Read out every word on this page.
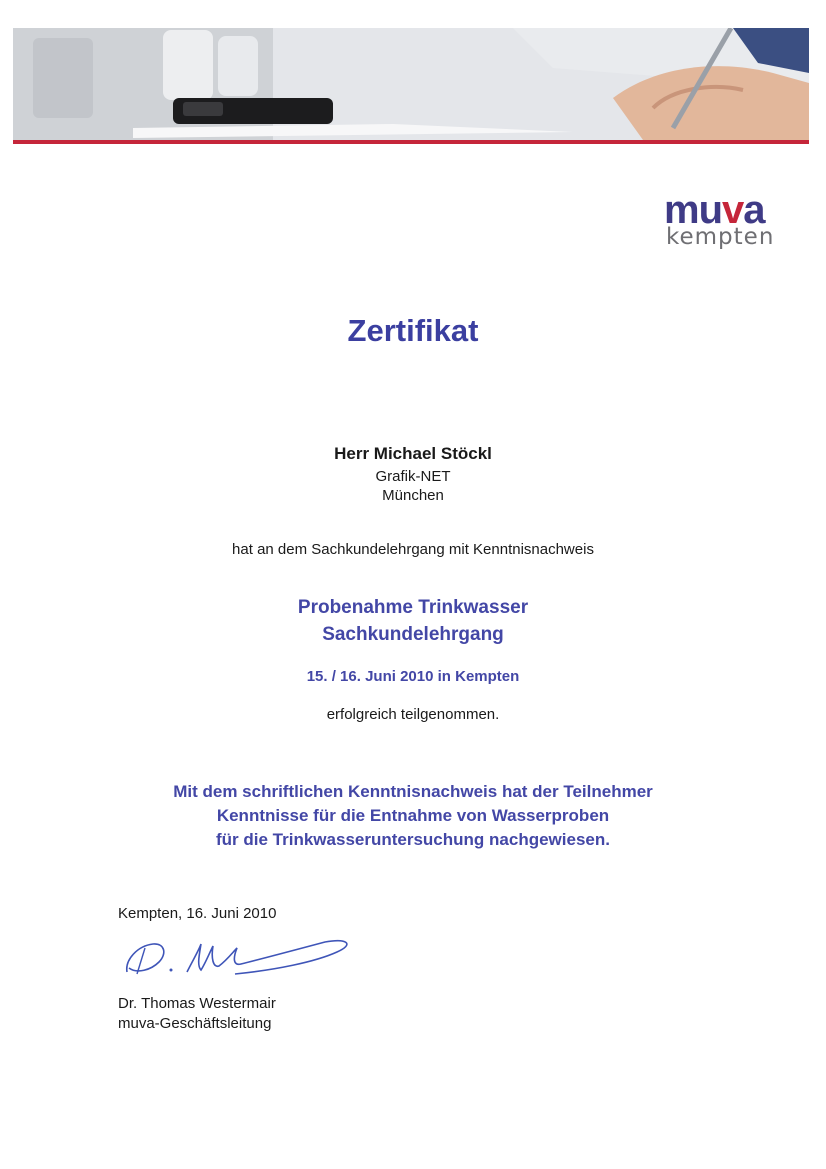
muva
kempten
Zertifikat
Herr Michael Stöckl
Grafik-NET
München
hat an dem Sachkundelehrgang mit Kenntnisnachweis
Probenahme Trinkwasser
Sachkundelehrgang
15. / 16. Juni 2010 in Kempten
erfolgreich teilgenommen.
Mit dem schriftlichen Kenntnisnachweis hat der Teilnehmer
Kenntnisse für die Entnahme von Wasserproben
für die Trinkwasseruntersuchung nachgewiesen.
Kempten, 16. Juni 2010
Dr. Thomas Westermair
muva-Geschäftsleitung
